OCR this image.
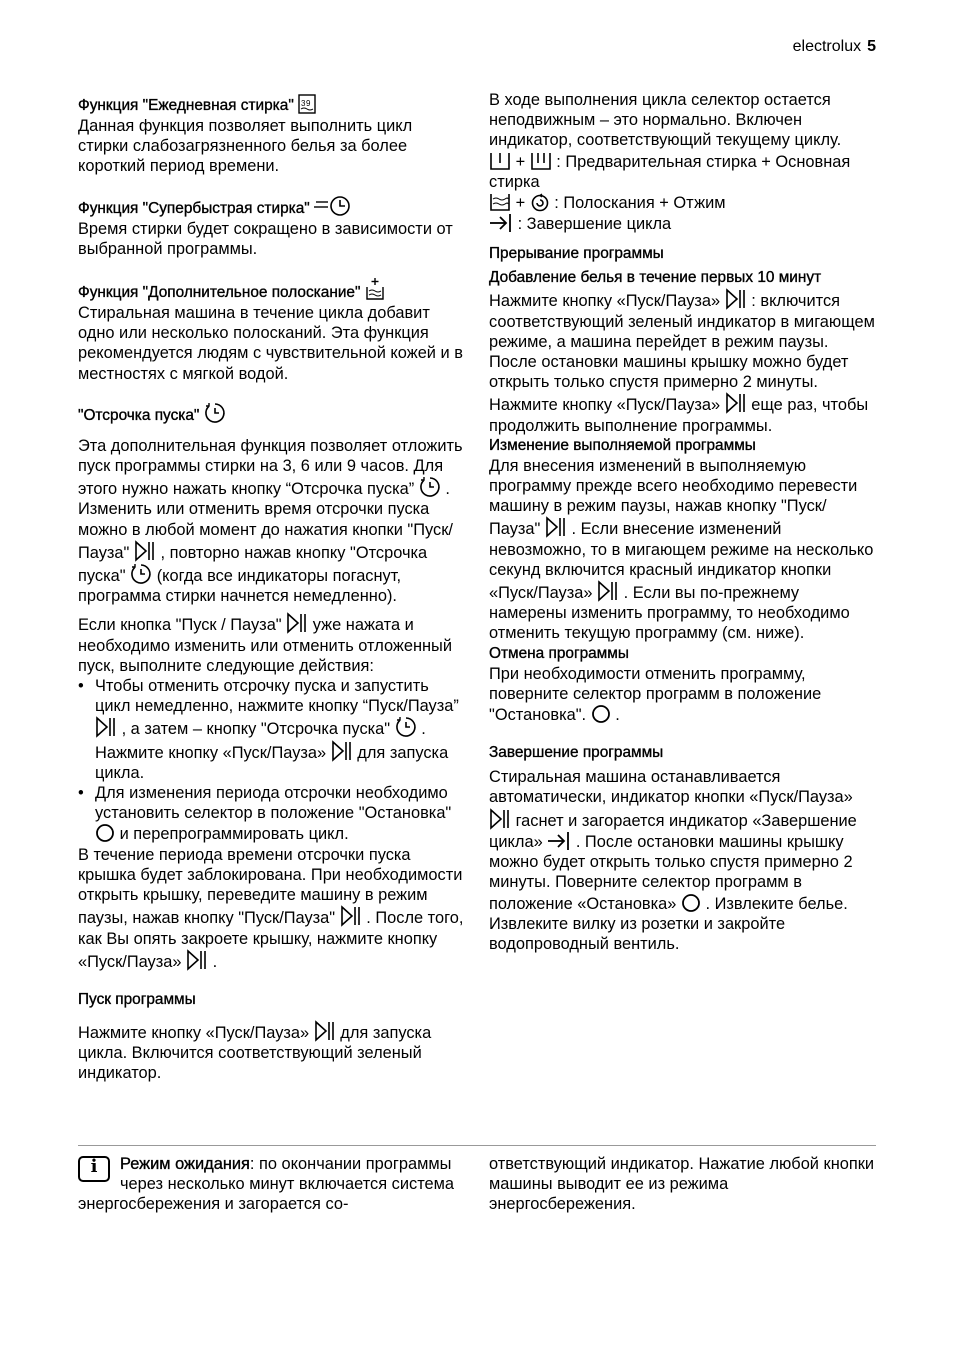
electrolux 5
Функция "Ежедневная стирка" 3 9

Данная функция позволяет выполнить цикл стирки слабозагрязненного белья за более короткий период времени.

Функция "Супербыстрая стирка"

Время стирки будет сокращено в зависимости от выбранной программы.

Функция "Дополнительное полоскание"

Стиральная машина в течение цикла добавит одно или несколько полосканий. Эта функция рекомендуется людям с чувствительной кожей и в местностях с мягкой водой.

"Отсрочка пуска"

Эта дополнительная функция позволяет отложить пуск программы стирки на 3, 6 или 9 часов. Для этого нужно нажать кнопку “Отсрочка пуска” .

Изменить или отменить время отсрочки пуска можно в любой момент до нажатия кнопки "Пуск/Пауза" , повторно нажав кнопку "Отсрочка пуска" (когда все индикаторы погаснут, программа стирки начнется немедленно).

Если кнопка "Пуск / Пауза" уже нажата и необходимо изменить или отменить отложенный пуск, выполните следующие действия:

• Чтобы отменить отсрочку пуска и запустить цикл немедленно, нажмите кнопку “Пуск/Пауза”  , а затем – кнопку "Отсрочка пуска" . Нажмите кнопку «Пуск/Пауза» для запуска цикла.
• Для изменения периода отсрочки необходимо установить селектор в положение "Остановка"  и перепрограммировать цикл.

В течение периода времени отсрочки пуска крышка будет заблокирована. При необходимости открыть крышку, переведите машину в режим паузы, нажав кнопку "Пуск/Пауза" . После того, как Вы опять закроете крышку, нажмите кнопку «Пуск/Пауза» .

Пуск программы

Нажмите кнопку «Пуск/Пауза» для запуска цикла. Включится соответствующий зеленый индикатор.

В ходе выполнения цикла селектор остается неподвижным – это нормально. Включен индикатор, соответствующий текущему циклу.

+ : Предварительная стирка + Основная стирка

+ : Полоскания + Отжим

: Завершение цикла

Прерывание программы
Добавление белья в течение первых 10 минут

Нажмите кнопку «Пуск/Пауза» : включится соответствующий зеленый индикатор в мигающем режиме, а машина перейдет в режим паузы. После остановки машины крышку можно будет открыть только спустя примерно 2 минуты. Нажмите кнопку «Пуск/Пауза» еще раз, чтобы продолжить выполнение программы.

Изменение выполняемой программы

Для внесения изменений в выполняемую программу прежде всего необходимо перевести машину в режим паузы, нажав кнопку "Пуск/Пауза" . Если внесение изменений невозможно, то в мигающем режиме на несколько секунд включится красный индикатор кнопки «Пуск/Пауза» . Если вы по-прежнему намерены изменить программу, то необходимо отменить текущую программу (см. ниже).

Отмена программы

При необходимости отменить программу, поверните селектор программ в положение "Остановка". .

Завершение программы

Стиральная машина останавливается автоматически, индикатор кнопки «Пуск/Пауза»  гаснет и загорается индикатор «Завершение цикла» . После остановки машины крышку можно будет открыть только спустя примерно 2 минуты. Поверните селектор программ в положение «Остановка» . Извлеките белье. Извлеките вилку из розетки и закройте водопроводный вентиль.

i
Режим ожидания: по окончании программы через несколько минут включается система энергосбережения и загорается со-
ответствующий индикатор. Нажатие любой кнопки машины выводит ее из режима энергосбережения.
